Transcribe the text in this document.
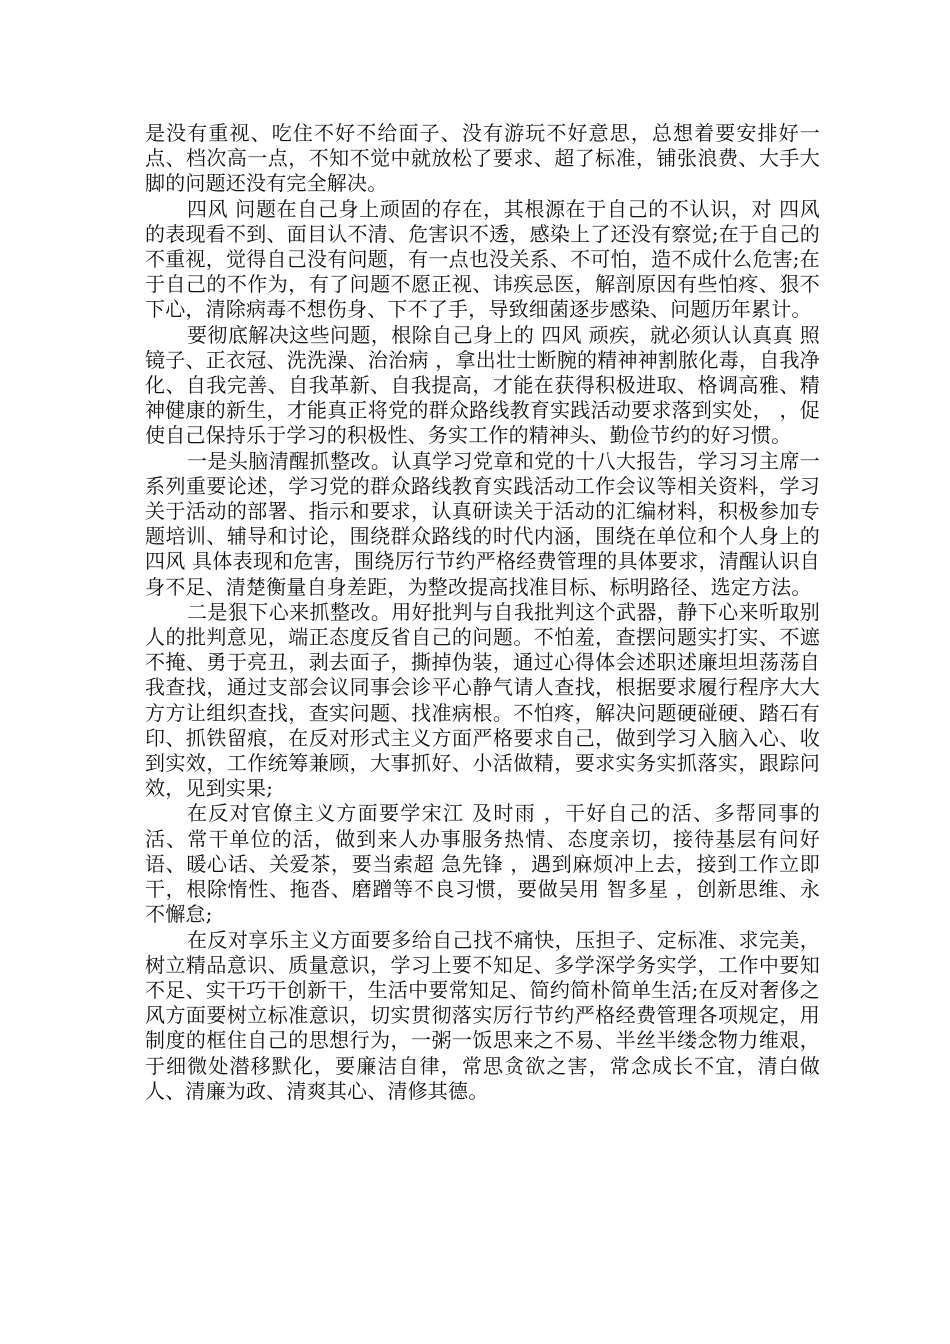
是没有重视、吃住不好不给面子、没有游玩不好意思，总想着要安排好一点、档次高一点，不知不觉中就放松了要求、超了标准，铺张浪费、大手大脚的问题还没有完全解决。

四风 问题在自己身上顽固的存在，其根源在于自己的不认识，对 四风 的表现看不到、面目认不清、危害识不透，感染上了还没有察觉;在于自己的不重视，觉得自己没有问题，有一点也没关系、不可怕，造不成什么危害;在于自己的不作为，有了问题不愿正视、讳疾忌医，解剖原因有些怕疼、狠不下心，清除病毒不想伤身、下不了手，导致细菌逐步感染、问题历年累计。

要彻底解决这些问题，根除自己身上的 四风 顽疾，就必须认认真真 照镜子、正衣冠、洗洗澡、治治病 ，拿出壮士断腕的精神神割脓化毒，自我净化、自我完善、自我革新、自我提高，才能在获得积极进取、格调高雅、精神健康的新生，才能真正将党的群众路线教育实践活动要求落到实处， ，促使自己保持乐于学习的积极性、务实工作的精神头、勤俭节约的好习惯。

一是头脑清醒抓整改。认真学习党章和党的十八大报告，学习习主席一系列重要论述，学习党的群众路线教育实践活动工作会议等相关资料，学习关于活动的部署、指示和要求，认真研读关于活动的汇编材料，积极参加专题培训、辅导和讨论，围绕群众路线的时代内涵，围绕在单位和个人身上的 四风 具体表现和危害，围绕厉行节约严格经费管理的具体要求，清醒认识自身不足、清楚衡量自身差距，为整改提高找准目标、标明路径、选定方法。

二是狠下心来抓整改。用好批判与自我批判这个武器，静下心来听取别人的批判意见，端正态度反省自己的问题。不怕羞，查摆问题实打实、不遮不掩、勇于亮丑，剥去面子，撕掉伪装，通过心得体会述职述廉坦坦荡荡自我查找，通过支部会议同事会诊平心静气请人查找，根据要求履行程序大大方方让组织查找，查实问题、找准病根。不怕疼，解决问题硬碰硬、踏石有印、抓铁留痕，在反对形式主义方面严格要求自己，做到学习入脑入心、收到实效，工作统筹兼顾，大事抓好、小活做精，要求实务实抓落实，跟踪问效，见到实果;

在反对官僚主义方面要学宋江 及时雨 ，干好自己的活、多帮同事的活、常干单位的活，做到来人办事服务热情、态度亲切，接待基层有问好语、暖心话、关爱茶，要当索超 急先锋 ，遇到麻烦冲上去，接到工作立即干，根除惰性、拖沓、磨蹭等不良习惯，要做吴用 智多星 ，创新思维、永不懈怠;

在反对享乐主义方面要多给自己找不痛快，压担子、定标准、求完美，树立精品意识、质量意识，学习上要不知足、多学深学务实学，工作中要知不足、实干巧干创新干，生活中要常知足、简约简朴简单生活;在反对奢侈之风方面要树立标准意识，切实贯彻落实厉行节约严格经费管理各项规定，用制度的框住自己的思想行为，一粥一饭思来之不易、半丝半缕念物力维艰，于细微处潜移默化，要廉洁自律，常思贪欲之害，常念成长不宜，清白做人、清廉为政、清爽其心、清修其德。
